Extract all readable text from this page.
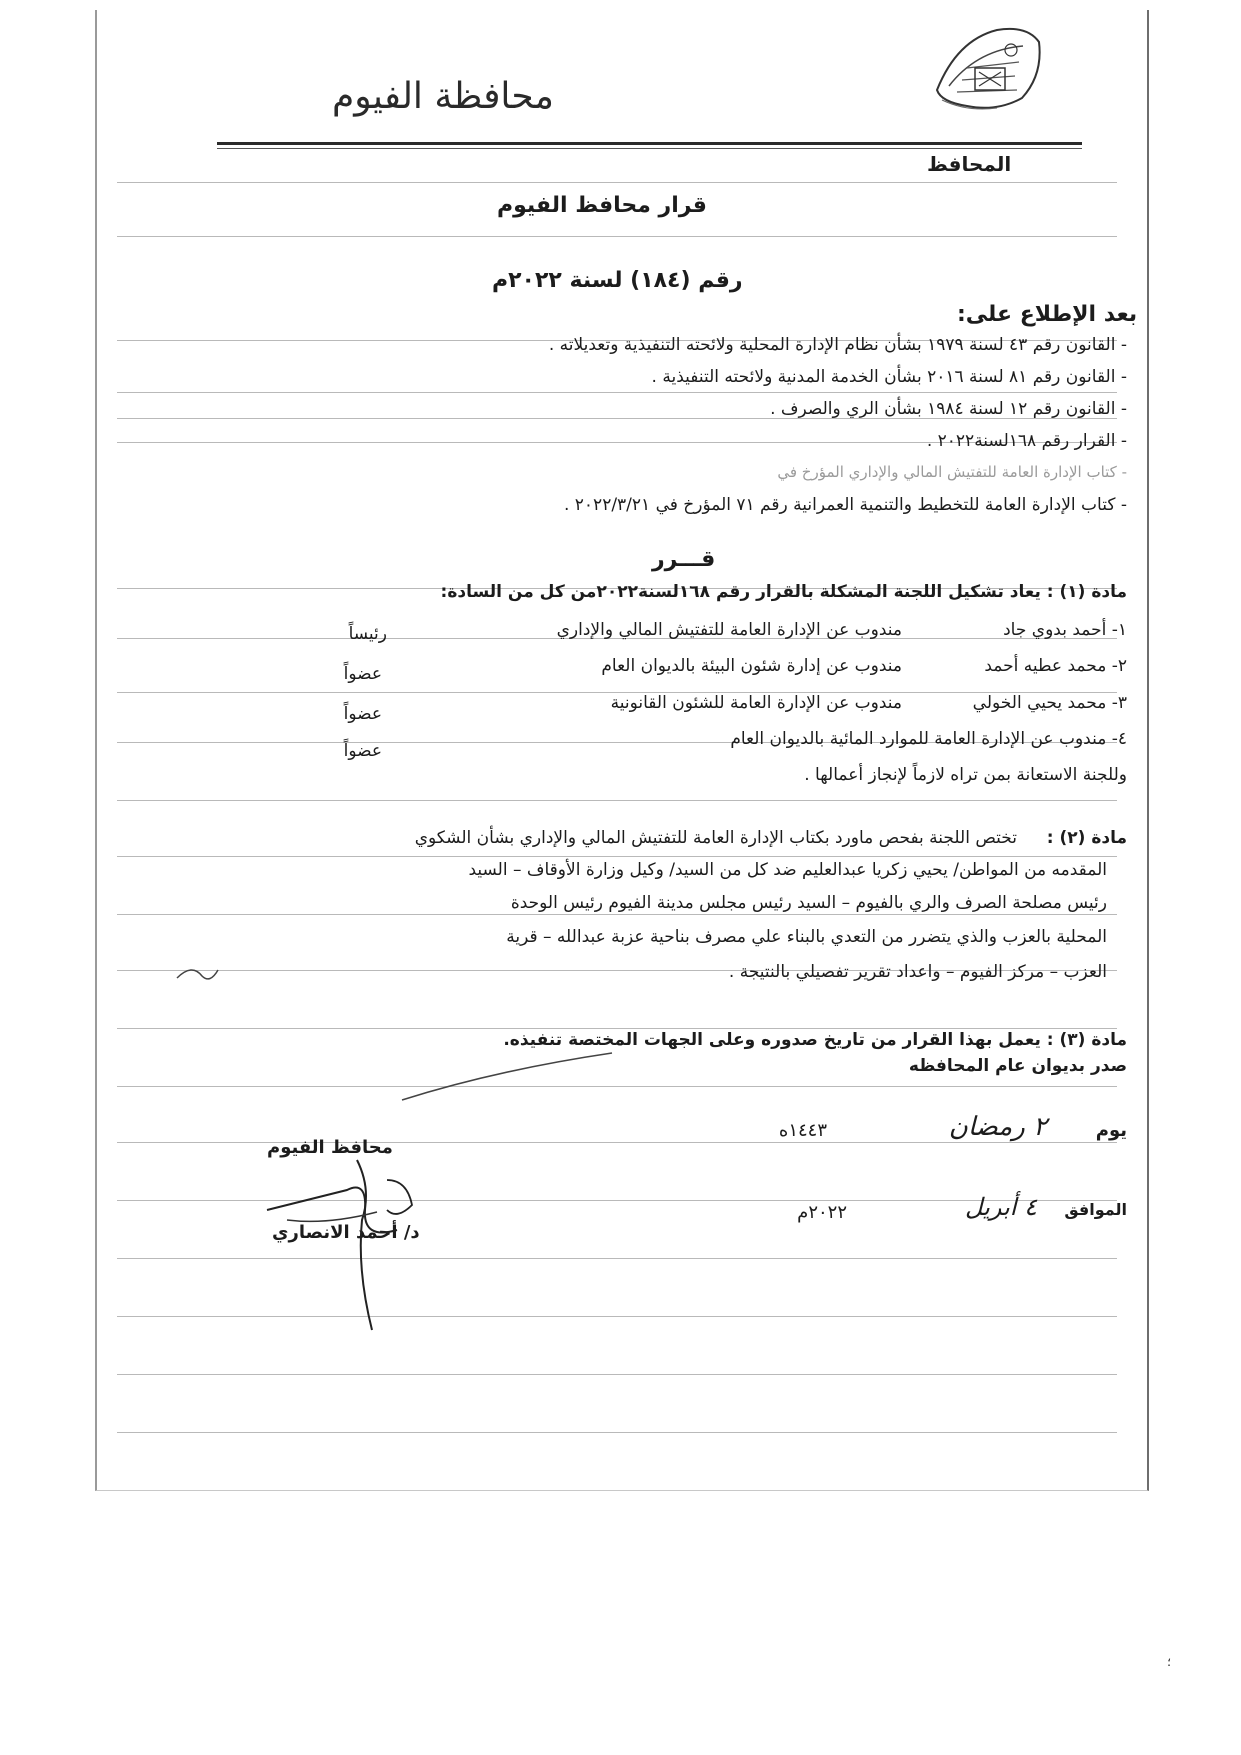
محافظة الفيوم
المحافظ
قرار محافظ الفيوم
رقم (١٨٤) لسنة ٢٠٢٢م
بعد الإطلاع على:
- القانون رقم ٤٣ لسنة ١٩٧٩ بشأن نظام الإدارة المحلية ولائحته التنفيذية وتعديلاته .
- القانون رقم ٨١ لسنة ٢٠١٦ بشأن الخدمة المدنية ولائحته التنفيذية .
- القانون رقم ١٢ لسنة ١٩٨٤ بشأن الري والصرف .
- القرار رقم ١٦٨لسنة٢٠٢٢ .
- كتاب الإدارة العامة للتفتيش المالي والإداري المؤرخ في
- كتاب الإدارة العامة للتخطيط والتنمية العمرانية رقم ٧١ المؤرخ في ٢٠٢٢/٣/٢١ .
قـــرر
مادة (١) : يعاد تشكيل اللجنة المشكلة بالقرار رقم ١٦٨لسنة٢٠٢٢من كل من السادة:
١- أحمد بدوي جاد
مندوب عن الإدارة العامة للتفتيش المالي والإداري
رئيساً
٢- محمد عطيه أحمد
مندوب عن إدارة شئون البيئة بالديوان العام
عضواً
٣- محمد يحيي الخولي
مندوب عن الإدارة العامة للشئون القانونية
عضواً
٤- مندوب عن الإدارة العامة للموارد المائية بالديوان العام
عضواً
وللجنة الاستعانة بمن تراه لازماً لإنجاز أعمالها .
مادة (٢) :
تختص اللجنة بفحص ماورد بكتاب الإدارة العامة للتفتيش المالي والإداري بشأن الشكوي
المقدمه من المواطن/ يحيي زكريا عبدالعليم ضد كل من السيد/ وكيل وزارة الأوقاف – السيد
رئيس مصلحة الصرف والري بالفيوم – السيد رئيس مجلس مدينة الفيوم رئيس الوحدة
المحلية بالعزب والذي يتضرر من التعدي بالبناء علي مصرف بناحية عزبة عبدالله – قرية
العزب – مركز الفيوم – واعداد تقرير تفصيلي بالنتيجة .
مادة (٣) : يعمل بهذا القرار من تاريخ صدوره وعلى الجهات المختصة تنفيذه.
صدر بديوان عام المحافظه
يوم
٢ رمضان
١٤٤٣ه
الموافق
٤ أبريل
٢٠٢٢م
محافظ الفيوم
د/ أحمد الانصاري
؛
